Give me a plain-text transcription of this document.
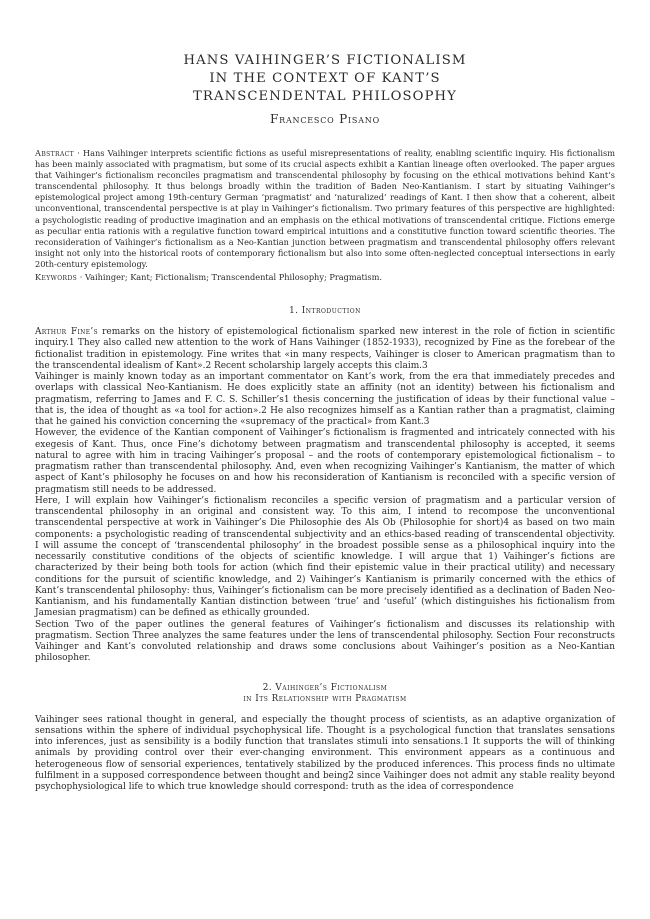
HANS VAIHINGER’S FICTIONALISM
IN THE CONTEXT OF KANT’S
TRANSCENDENTAL PHILOSOPHY
Francesco Pisano
Abstract · Hans Vaihinger interprets scientific fictions as useful misrepresentations of reality, enabling scientific inquiry. His fictionalism has been mainly associated with pragmatism, but some of its crucial aspects exhibit a Kantian lineage often overlooked. The paper argues that Vaihinger’s fictionalism reconciles pragmatism and transcendental philosophy by focusing on the ethical motivations behind Kant’s transcendental philosophy. It thus belongs broadly within the tradition of Baden Neo-Kantianism. I start by situating Vaihinger’s epistemological project among 19th-century German ‘pragmatist’ and ‘naturalized’ readings of Kant. I then show that a coherent, albeit unconventional, transcendental perspective is at play in Vaihinger’s fictionalism. Two primary features of this perspective are highlighted: a psychologistic reading of productive imagination and an emphasis on the ethical motivations of transcendental critique. Fictions emerge as peculiar entia rationis with a regulative function toward empirical intuitions and a constitutive function toward scientific theories. The reconsideration of Vaihinger’s fictionalism as a Neo-Kantian junction between pragmatism and transcendental philosophy offers relevant insight not only into the historical roots of contemporary fictionalism but also into some often-neglected conceptual intersections in early 20th-century epistemology.
Keywords · Vaihinger; Kant; Fictionalism; Transcendental Philosophy; Pragmatism.
1. Introduction

Arthur Fine’s remarks on the history of epistemological fictionalism sparked new interest in the role of fiction in scientific inquiry.1 They also called new attention to the work of Hans Vaihinger (1852-1933), recognized by Fine as the forebear of the fictionalist tradition in epistemology. Fine writes that «in many respects, Vaihinger is closer to American pragmatism than to the transcendental idealism of Kant».2 Recent scholarship largely accepts this claim.3

Vaihinger is mainly known today as an important commentator on Kant’s work, from the era that immediately precedes and overlaps with classical Neo-Kantianism. He does explicitly state an affinity (not an identity) between his fictionalism and pragmatism, referring to James and F. C. S. Schiller’s1 thesis concerning the justification of ideas by their functional value – that is, the idea of thought as «a tool for action».2 He also recognizes himself as a Kantian rather than a pragmatist, claiming that he gained his conviction concerning the «supremacy of the practical» from Kant.3

However, the evidence of the Kantian component of Vaihinger’s fictionalism is fragmented and intricately connected with his exegesis of Kant. Thus, once Fine’s dichotomy between pragmatism and transcendental philosophy is accepted, it seems natural to agree with him in tracing Vaihinger’s proposal – and the roots of contemporary epistemological fictionalism – to pragmatism rather than transcendental philosophy. And, even when recognizing Vaihinger’s Kantianism, the matter of which aspect of Kant’s philosophy he focuses on and how his reconsideration of Kantianism is reconciled with a specific version of pragmatism still needs to be addressed.

Here, I will explain how Vaihinger’s fictionalism reconciles a specific version of pragmatism and a particular version of transcendental philosophy in an original and consistent way. To this aim, I intend to recompose the unconventional transcendental perspective at work in Vaihinger’s Die Philosophie des Als Ob (Philosophie for short)4 as based on two main components: a psychologistic reading of transcendental subjectivity and an ethics-based reading of transcendental objectivity. I will assume the concept of ‘transcendental philosophy’ in the broadest possible sense as a philosophical inquiry into the necessarily constitutive conditions of the objects of scientific knowledge. I will argue that 1) Vaihinger’s fictions are characterized by their being both tools for action (which find their epistemic value in their practical utility) and necessary conditions for the pursuit of scientific knowledge, and 2) Vaihinger’s Kantianism is primarily concerned with the ethics of Kant’s transcendental philosophy: thus, Vaihinger’s fictionalism can be more precisely identified as a declination of Baden Neo-Kantianism, and his fundamentally Kantian distinction between ‘true’ and ‘useful’ (which distinguishes his fictionalism from Jamesian pragmatism) can be defined as ethically grounded.

Section Two of the paper outlines the general features of Vaihinger’s fictionalism and discusses its relationship with pragmatism. Section Three analyzes the same features under the lens of transcendental philosophy. Section Four reconstructs Vaihinger and Kant’s convoluted relationship and draws some conclusions about Vaihinger’s position as a Neo-Kantian philosopher.

2. Vaihinger’s Fictionalism
in Its Relationship with Pragmatism

Vaihinger sees rational thought in general, and especially the thought process of scientists, as an adaptive organization of sensations within the sphere of individual psychophysical life. Thought is a psychological function that translates sensations into inferences, just as sensibility is a bodily function that translates stimuli into sensations.1 It supports the will of thinking animals by providing control over their ever-changing environment. This environment appears as a continuous and heterogeneous flow of sensorial experiences, tentatively stabilized by the produced inferences. This process finds no ultimate fulfilment in a supposed correspondence between thought and being2 since Vaihinger does not admit any stable reality beyond psychophysiological life to which true knowledge should correspond: truth as the idea of correspondence
